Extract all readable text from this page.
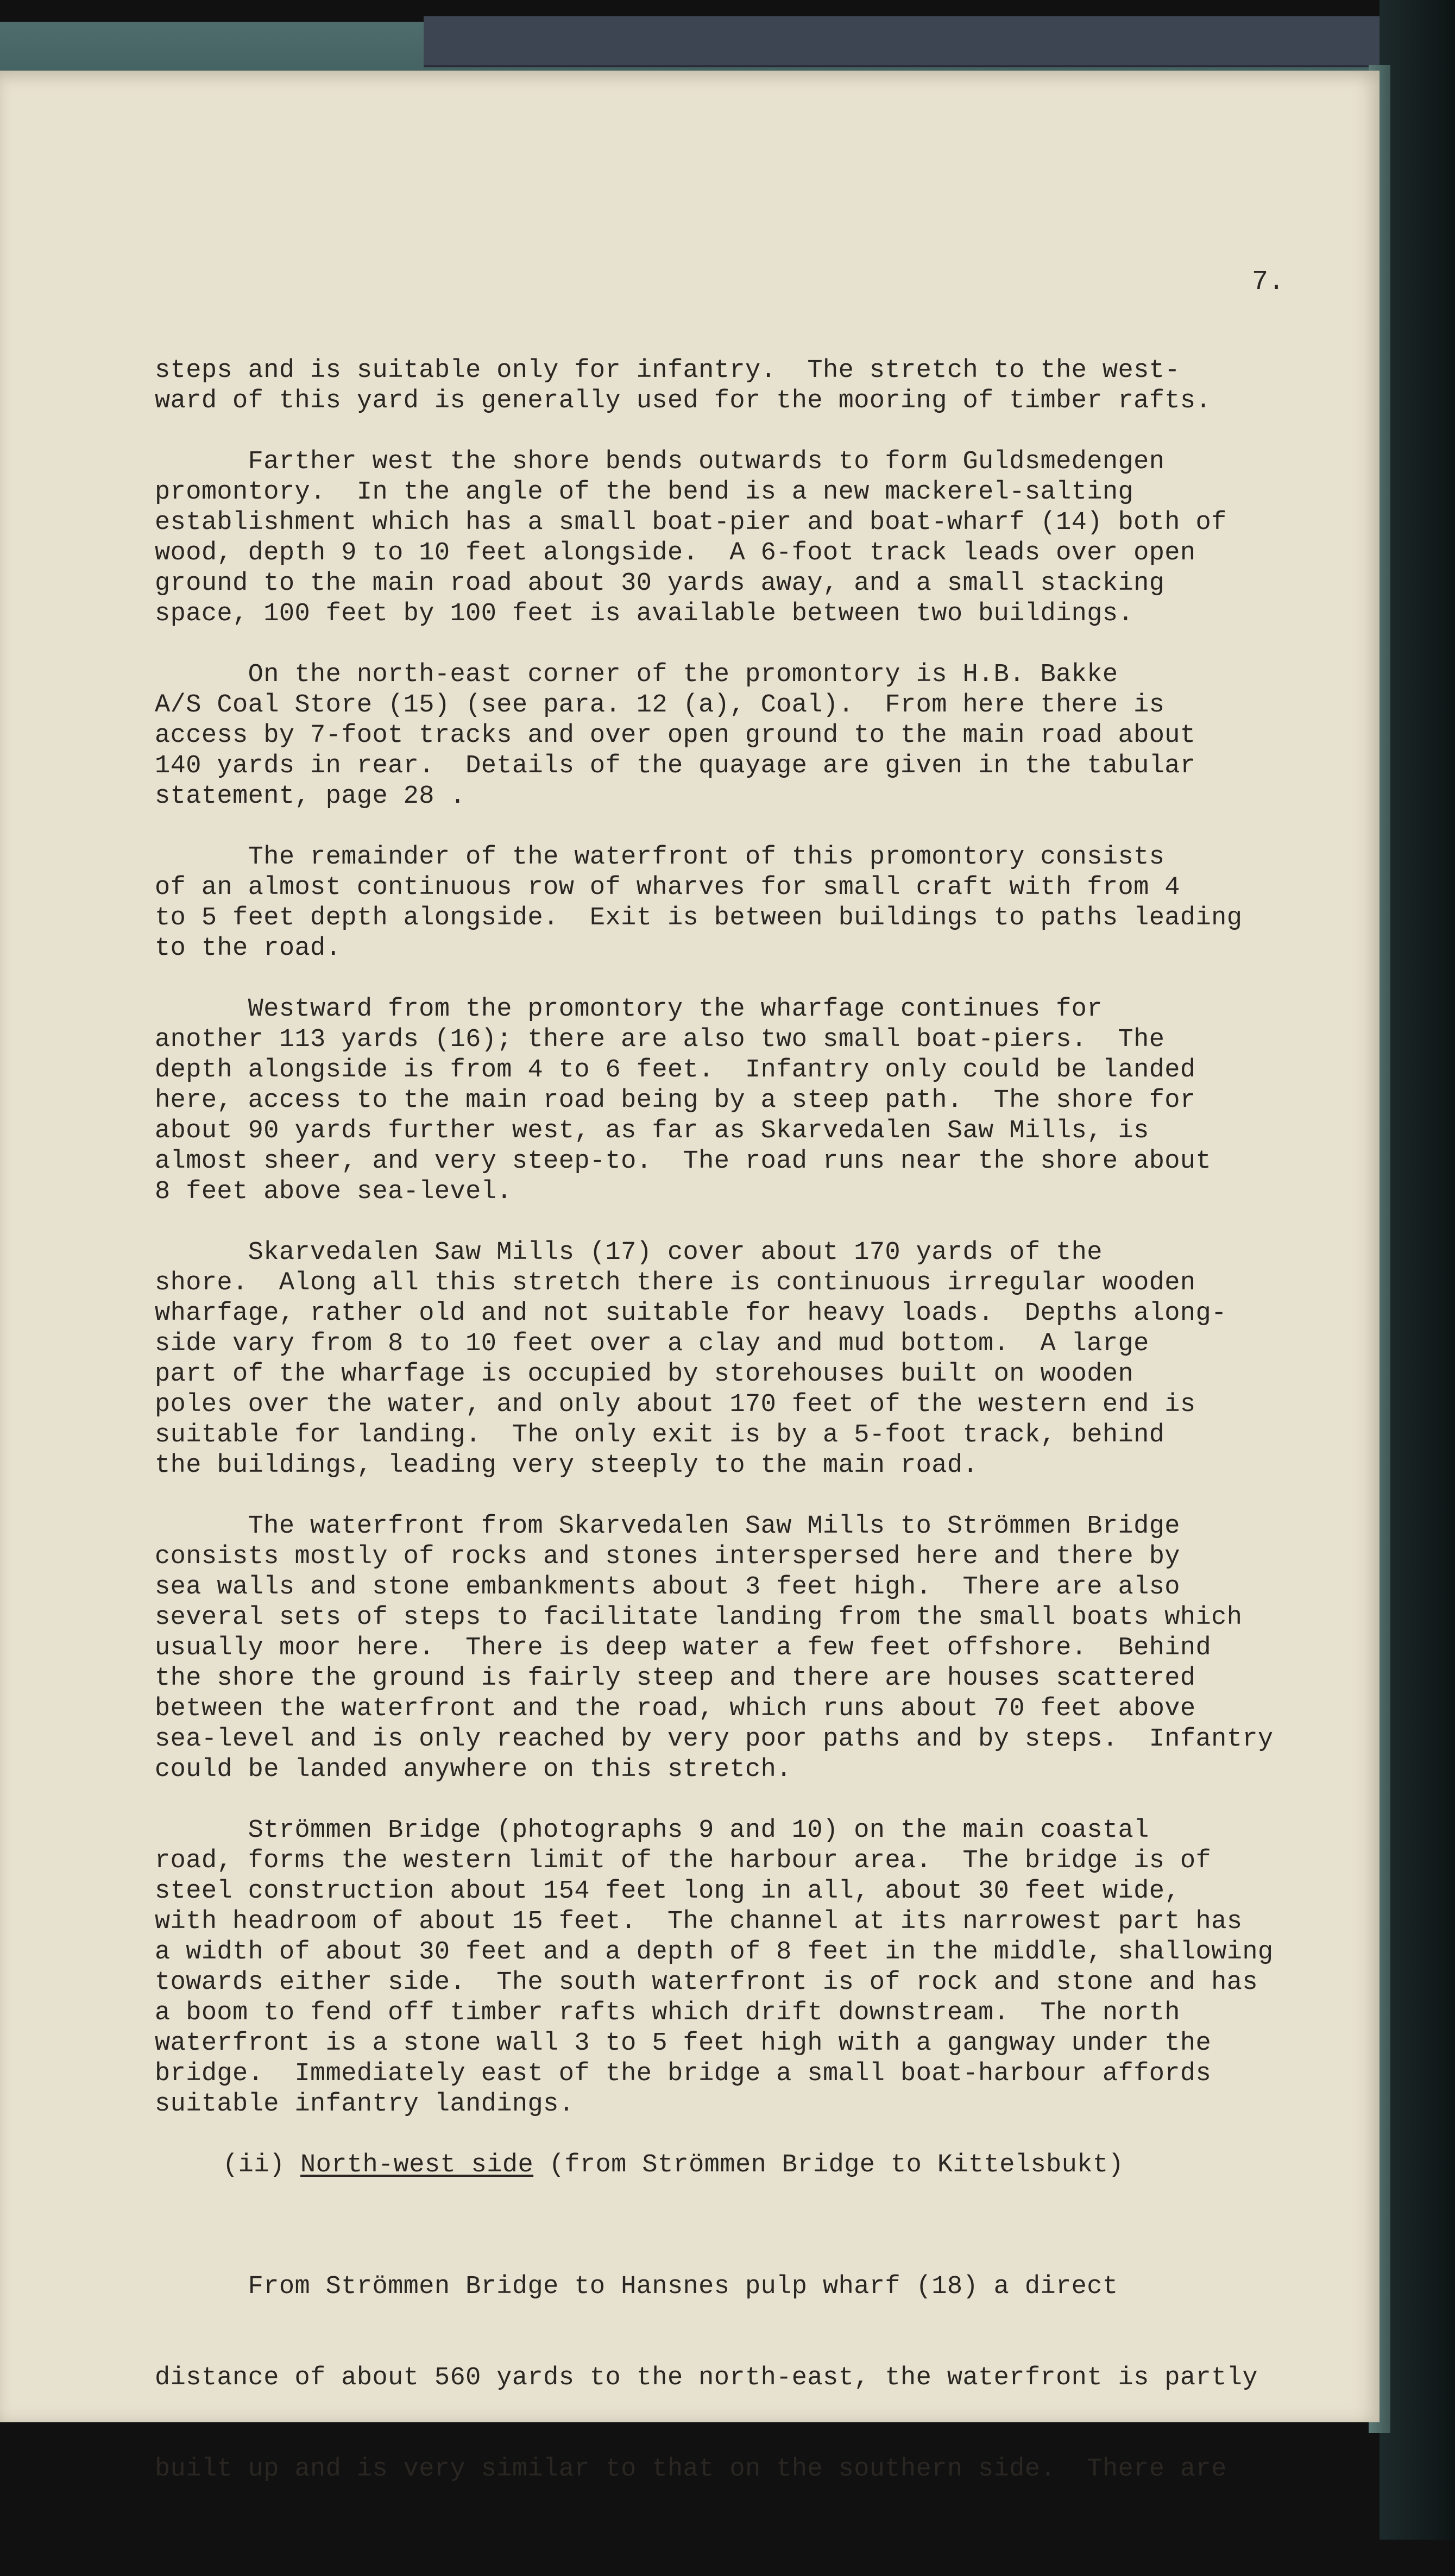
7.
steps and is suitable only for infantry.  The stretch to the west-
ward of this yard is generally used for the mooring of timber rafts.
Farther west the shore bends outwards to form Guldsmedengen
promontory.  In the angle of the bend is a new mackerel-salting
establishment which has a small boat-pier and boat-wharf (14) both of
wood, depth 9 to 10 feet alongside.  A 6-foot track leads over open
ground to the main road about 30 yards away, and a small stacking
space, 100 feet by 100 feet is available between two buildings.
On the north-east corner of the promontory is H.B. Bakke
A/S Coal Store (15) (see para. 12 (a), Coal).  From here there is
access by 7-foot tracks and over open ground to the main road about
140 yards in rear.  Details of the quayage are given in the tabular
statement, page 28 .
The remainder of the waterfront of this promontory consists
of an almost continuous row of wharves for small craft with from 4
to 5 feet depth alongside.  Exit is between buildings to paths leading
to the road.
Westward from the promontory the wharfage continues for
another 113 yards (16); there are also two small boat-piers.  The
depth alongside is from 4 to 6 feet.  Infantry only could be landed
here, access to the main road being by a steep path.  The shore for
about 90 yards further west, as far as Skarvedalen Saw Mills, is
almost sheer, and very steep-to.  The road runs near the shore about
8 feet above sea-level.
Skarvedalen Saw Mills (17) cover about 170 yards of the
shore.  Along all this stretch there is continuous irregular wooden
wharfage, rather old and not suitable for heavy loads.  Depths along-
side vary from 8 to 10 feet over a clay and mud bottom.  A large
part of the wharfage is occupied by storehouses built on wooden
poles over the water, and only about 170 feet of the western end is
suitable for landing.  The only exit is by a 5-foot track, behind
the buildings, leading very steeply to the main road.
The waterfront from Skarvedalen Saw Mills to Strömmen Bridge
consists mostly of rocks and stones interspersed here and there by
sea walls and stone embankments about 3 feet high.  There are also
several sets of steps to facilitate landing from the small boats which
usually moor here.  There is deep water a few feet offshore.  Behind
the shore the ground is fairly steep and there are houses scattered
between the waterfront and the road, which runs about 70 feet above
sea-level and is only reached by very poor paths and by steps.  Infantry
could be landed anywhere on this stretch.
Strömmen Bridge (photographs 9 and 10) on the main coastal
road, forms the western limit of the harbour area.  The bridge is of
steel construction about 154 feet long in all, about 30 feet wide,
with headroom of about 15 feet.  The channel at its narrowest part has
a width of about 30 feet and a depth of 8 feet in the middle, shallowing
towards either side.  The south waterfront is of rock and stone and has
a boom to fend off timber rafts which drift downstream.  The north
waterfront is a stone wall 3 to 5 feet high with a gangway under the
bridge.  Immediately east of the bridge a small boat-harbour affords
suitable infantry landings.
(ii) North-west side (from Strömmen Bridge to Kittelsbukt)

From Strömmen Bridge to Hansnes pulp wharf (18) a direct

distance of about 560 yards to the north-east, the waterfront is partly

built up and is very similar to that on the southern side.  There are
